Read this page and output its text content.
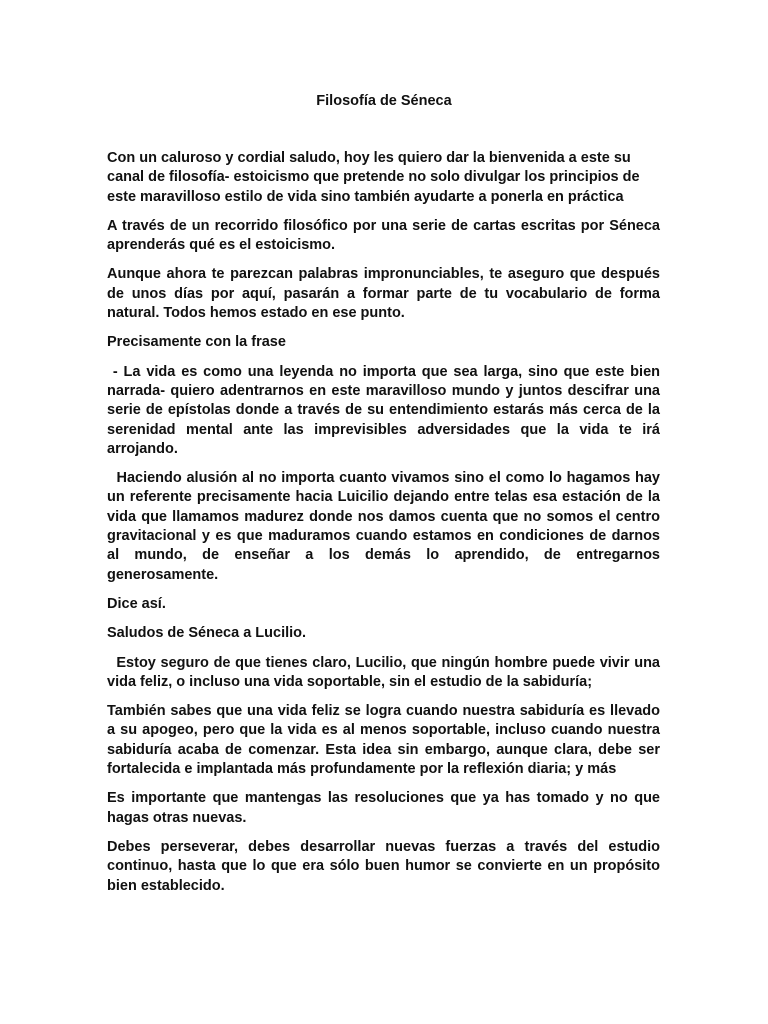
Filosofía de Séneca

Con un caluroso y cordial saludo, hoy les quiero dar la bienvenida a este su canal de filosofía- estoicismo que pretende no solo divulgar los principios de este maravilloso estilo de vida sino también ayudarte a ponerla en práctica

A través de un recorrido filosófico por una serie de cartas escritas por Séneca aprenderás qué es el estoicismo.

Aunque ahora te parezcan palabras impronunciables, te aseguro que después de unos días por aquí, pasarán a formar parte de tu vocabulario de forma natural. Todos hemos estado en ese punto.

Precisamente con la frase

- La vida es como una leyenda no importa que sea larga, sino que este bien narrada- quiero adentrarnos en este maravilloso mundo y juntos descifrar una serie de epístolas donde a través de su entendimiento estarás más cerca de la serenidad mental ante las imprevisibles adversidades que la vida te irá arrojando.

Haciendo alusión al no importa cuanto vivamos sino el como lo hagamos hay un referente precisamente hacia Luicilio dejando entre telas esa estación de la vida que llamamos madurez donde nos damos cuenta que no somos el centro gravitacional y es que maduramos cuando estamos en condiciones de darnos al mundo, de enseñar a los demás lo aprendido, de entregarnos generosamente.

Dice así.

Saludos de Séneca a Lucilio.

Estoy seguro de que tienes claro, Lucilio, que ningún hombre puede vivir una vida feliz, o incluso una vida soportable, sin el estudio de la sabiduría;

También sabes que una vida feliz se logra cuando nuestra sabiduría es llevado a su apogeo, pero que la vida es al menos soportable, incluso cuando nuestra sabiduría acaba de comenzar. Esta idea sin embargo, aunque clara, debe ser fortalecida e implantada más profundamente por la reflexión diaria; y más

Es importante que mantengas las resoluciones que ya has tomado y no que hagas otras nuevas.

Debes perseverar, debes desarrollar nuevas fuerzas a través del estudio continuo, hasta que lo que era sólo buen humor se convierte en un propósito bien establecido.
